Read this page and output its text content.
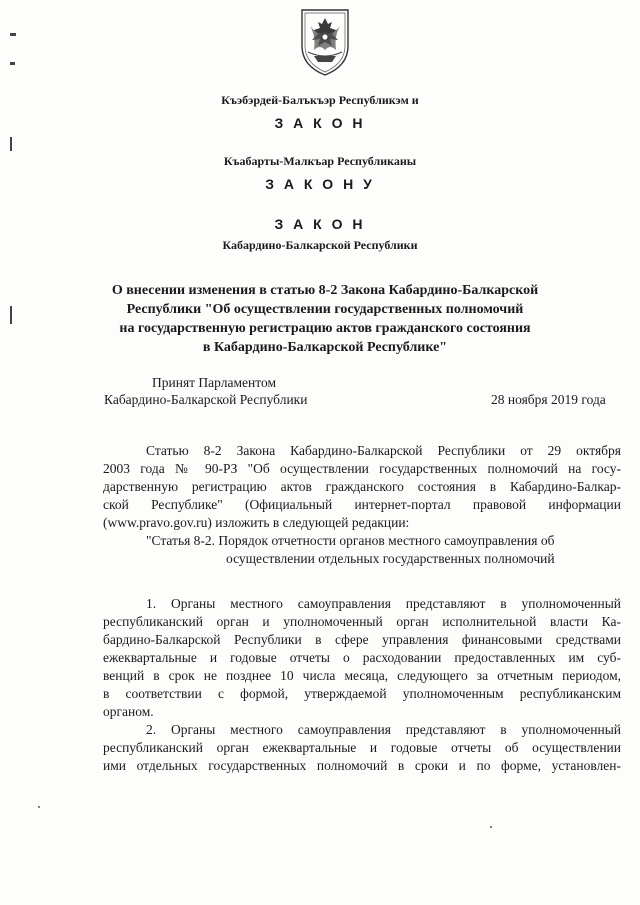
Къэбэрдей-Балъкъэр Республикэм и
З А К О Н
Къабарты-Малкъар Республиканы
З А К О Н У
З А К О Н
Кабардино-Балкарской Республики
О внесении изменения в статью 8-2 Закона Кабардино-Балкарской
Республики "Об осуществлении государственных полномочий
на государственную регистрацию актов гражданского состояния
в Кабардино-Балкарской Республике"
Принят Парламентом
Кабардино-Балкарской Республики	28 ноября 2019 года
Статью 8-2 Закона Кабардино-Балкарской Республики от 29 октября
2003 года № 90-РЗ "Об осуществлении государственных полномочий на госу-
дарственную регистрацию актов гражданского состояния в Кабардино-Балкар-
ской Республике" (Официальный интернет-портал правовой информации
(www.pravo.gov.ru) изложить в следующей редакции:
"Статья 8-2. Порядок отчетности органов местного самоуправления об
осуществлении отдельных государственных полномочий
1. Органы местного самоуправления представляют в уполномоченный
республиканский орган и уполномоченный орган исполнительной власти Ка-
бардино-Балкарской Республики в сфере управления финансовыми средствами
ежеквартальные и годовые отчеты о расходовании предоставленных им суб-
венций в срок не позднее 10 числа месяца, следующего за отчетным периодом,
в соответствии с формой, утверждаемой уполномоченным республиканским
органом.
2. Органы местного самоуправления представляют в уполномоченный
республиканский орган ежеквартальные и годовые отчеты об осуществлении
ими отдельных государственных полномочий в сроки и по форме, установлен-
